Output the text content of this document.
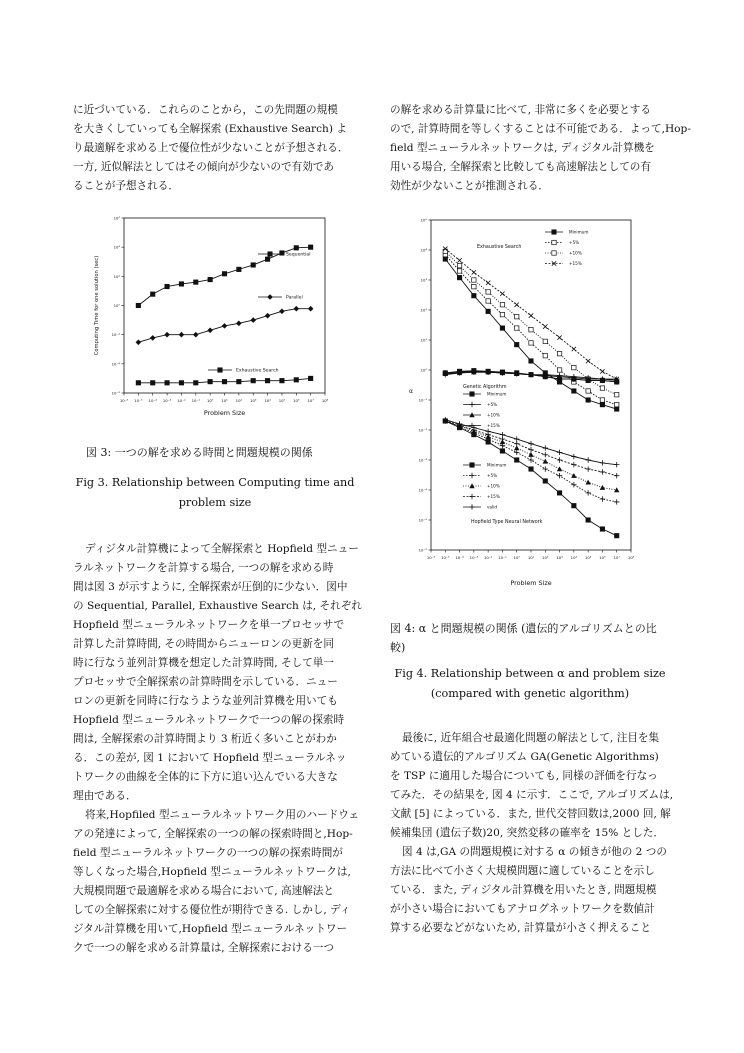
に近づいている．これらのことから，この先問題の規模
を大きくしていっても全解探索 (Exhaustive Search) よ
り最適解を求める上で優位性が少ないことが予想される．
一方, 近似解法としてはその傾向が少ないので有効であ
ることが予想される．
の解を求める計算量に比べて, 非常に多くを必要とする
ので, 計算時間を等しくすることは不可能である．よって,Hop-
field 型ニューラルネットワークは, ディジタル計算機を
用いる場合, 全解探索と比較しても高速解法としての有
効性が少ないことが推測される．
10⁻⁶ 10⁻⁵ 10⁻⁴ 10⁻³ 10⁻² 10⁻¹ 10⁰ 10¹ 10² 10³ 10⁴ 10⁵ 10⁶ 10⁷ 10⁸
10⁻⁶
10⁻⁴
10⁻²
10⁰
10²
10⁴
10⁶
Sequential
Parallel
Exhaustive Search
Problem Size
Computing Time for one solution (sec)
図 3: 一つの解を求める時間と問題規模の関係
Fig 3. Relationship between Computing time and
problem size
10⁻⁶ 10⁻⁵ 10⁻⁴ 10⁻³ 10⁻² 10⁻¹ 10⁰ 10¹ 10² 10³ 10⁴ 10⁵ 10⁶ 10⁷ 10⁸
10⁻⁶
10⁻⁵
10⁻⁴
10⁻³
10⁻²
10⁻¹
10⁰
10¹
10²
10³
10⁴
10⁵
Exhaustive Search
Genetic Algorithm
Hopfield Type Neural Network
Minimum
+5%
+10%
+15%
Minimum
+5%
+10%
+15%
Minimum
+5%
+10%
+15%
valid
Problem Size
α
図 4: α と問題規模の関係 (遺伝的アルゴリズムとの比
較)
Fig 4. Relationship between α and problem size
(compared with genetic algorithm)
ディジタル計算機によって全解探索と Hopfield 型ニュー
ラルネットワークを計算する場合, 一つの解を求める時
間は図 3 が示すように, 全解探索が圧倒的に少ない．図中
の Sequential, Parallel, Exhaustive Search は, それぞれ
Hopfield 型ニューラルネットワークを単一プロセッサで
計算した計算時間, その時間からニューロンの更新を同
時に行なう並列計算機を想定した計算時間, そして単一
プロセッサで全解探索の計算時間を示している．ニュー
ロンの更新を同時に行なうような並列計算機を用いても
Hopfield 型ニューラルネットワークで一つの解の探索時
間は, 全解探索の計算時間より 3 桁近く多いことがわか
る．この差が, 図 1 において Hopfield 型ニューラルネッ
トワークの曲線を全体的に下方に追い込んでいる大きな
理由である．
将来,Hopfiled 型ニューラルネットワーク用のハードウェ
アの発達によって, 全解探索の一つの解の探索時間と,Hop-
field 型ニューラルネットワークの一つの解の探索時間が
等しくなった場合,Hopfield 型ニューラルネットワークは,
大規模問題で最適解を求める場合において, 高速解法と
しての全解探索に対する優位性が期待できる. しかし, ディ
ジタル計算機を用いて,Hopfield 型ニューラルネットワー
クで一つの解を求める計算量は, 全解探索における一つ
最後に, 近年組合せ最適化問題の解法として, 注目を集
めている遺伝的アルゴリズム GA(Genetic Algorithms)
を TSP に適用した場合についても, 同様の評価を行なっ
てみた．その結果を, 図 4 に示す．ここで, アルゴリズムは,
文献 [5] によっている．また, 世代交替回数は,2000 回, 解
候補集団 (遺伝子数)20, 突然変移の確率を 15% とした．
図 4 は,GA の問題規模に対する α の傾きが他の 2 つの
方法に比べて小さく大規模問題に適していることを示し
ている．また, ディジタル計算機を用いたとき, 問題規模
が小さい場合においてもアナログネットワークを数値計
算する必要などがないため, 計算量が小さく押えること
